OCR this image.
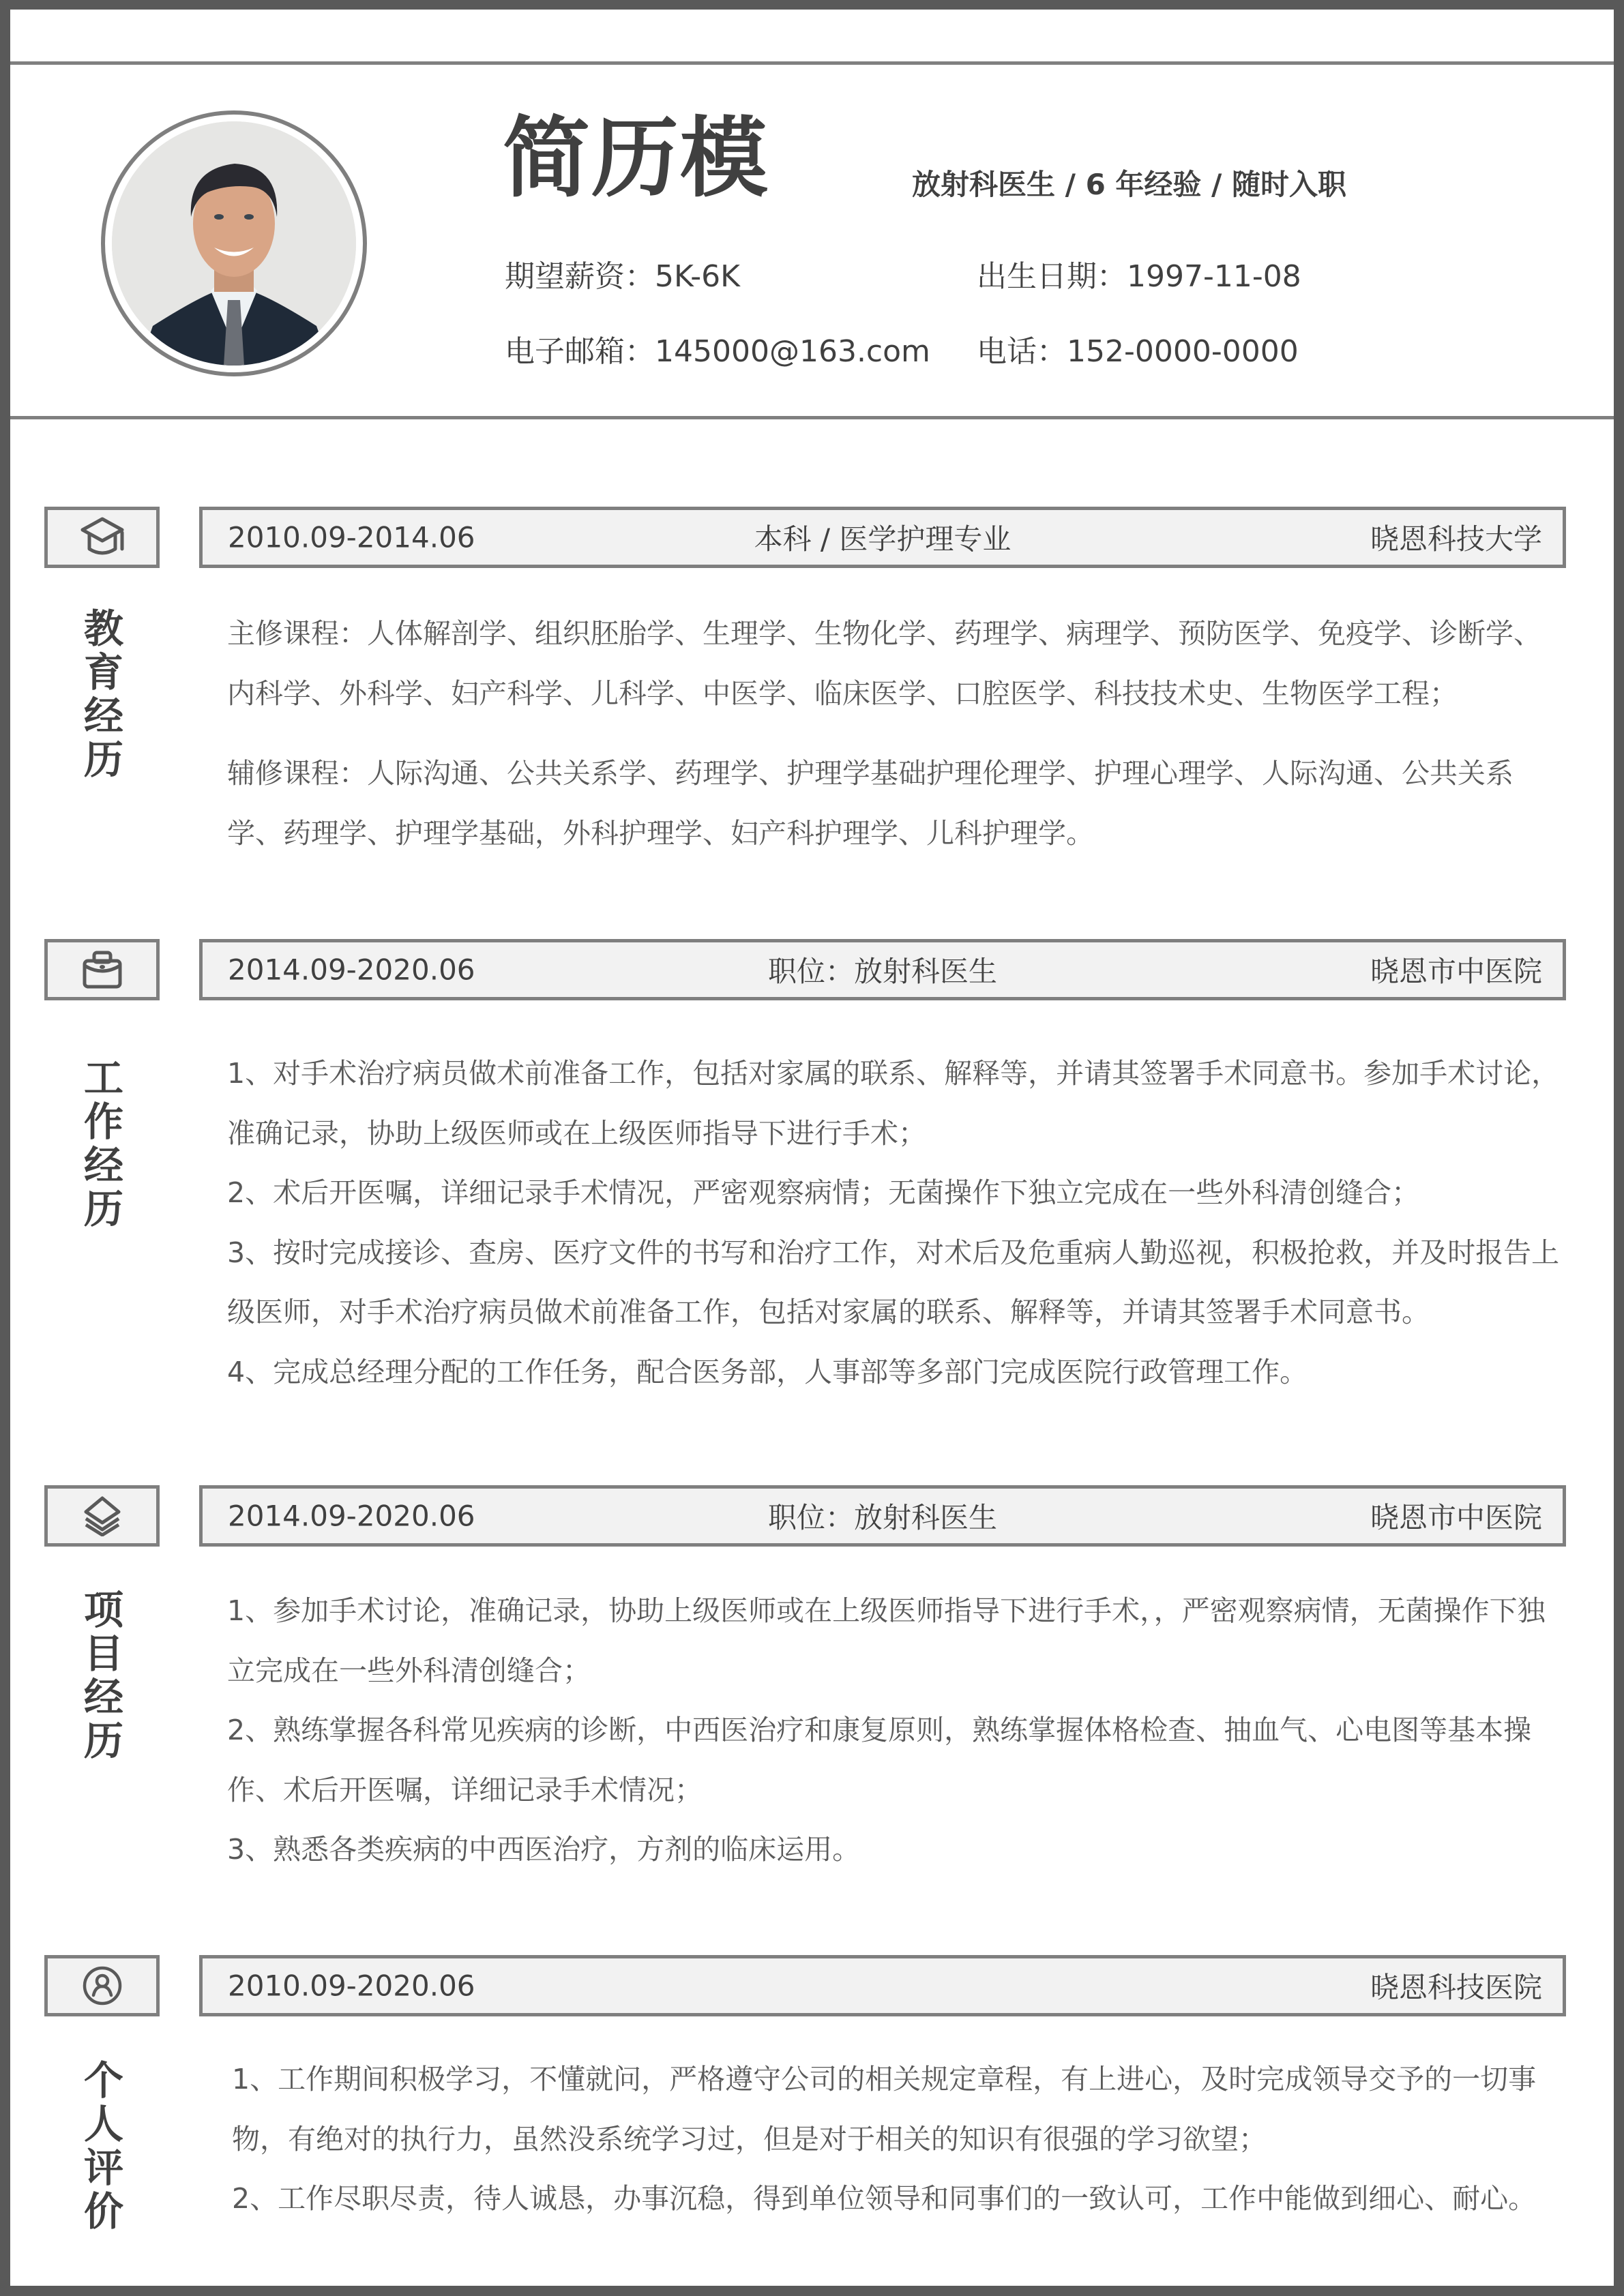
简历模	放射科医生 / 6 年经验 / 随时入职
期望薪资：5K-6K	出生日期：1997-11-08
电子邮箱：145000@163.com 电话：152-0000-0000
2010.09-2014.06	本科 / 医学护理专业	晓恩科技大学
教
育
经
历

主修课程：人体解剖学、组织胚胎学、生理学、生物化学、药理学、病理学、预防医学、免疫学、诊断学、内科学、外科学、妇产科学、儿科学、中医学、临床医学、口腔医学、科技技术史、生物医学工程；

辅修课程：人际沟通、公共关系学、药理学、护理学基础护理伦理学、护理心理学、人际沟通、公共关系学、药理学、护理学基础，外科护理学、妇产科护理学、儿科护理学。

2014.09-2020.06	职位：放射科医生	晓恩市中医院
工
作
经
历

1、对手术治疗病员做术前准备工作，包括对家属的联系、解释等，并请其签署手术同意书。参加手术讨论，准确记录，协助上级医师或在上级医师指导下进行手术；

2、术后开医嘱，详细记录手术情况，严密观察病情；无菌操作下独立完成在一些外科清创缝合；

3、按时完成接诊、查房、医疗文件的书写和治疗工作，对术后及危重病人勤巡视，积极抢救，并及时报告上级医师，对手术治疗病员做术前准备工作，包括对家属的联系、解释等，并请其签署手术同意书。

4、完成总经理分配的工作任务，配合医务部，人事部等多部门完成医院行政管理工作。

2014.09-2020.06	职位：放射科医生	晓恩市中医院
项
目
经
历

1、参加手术讨论，准确记录，协助上级医师或在上级医师指导下进行手术，，严密观察病情，无菌操作下独立完成在一些外科清创缝合；

2、熟练掌握各科常见疾病的诊断，中西医治疗和康复原则，熟练掌握体格检查、抽血气、心电图等基本操作、术后开医嘱，详细记录手术情况；

3、熟悉各类疾病的中西医治疗，方剂的临床运用。

2010.09-2020.06	晓恩科技医院
个
人
评
价

1、工作期间积极学习，不懂就问，严格遵守公司的相关规定章程，有上进心，及时完成领导交予的一切事物，有绝对的执行力，虽然没系统学习过，但是对于相关的知识有很强的学习欲望；

2、工作尽职尽责，待人诚恳，办事沉稳，得到单位领导和同事们的一致认可，工作中能做到细心、耐心。
